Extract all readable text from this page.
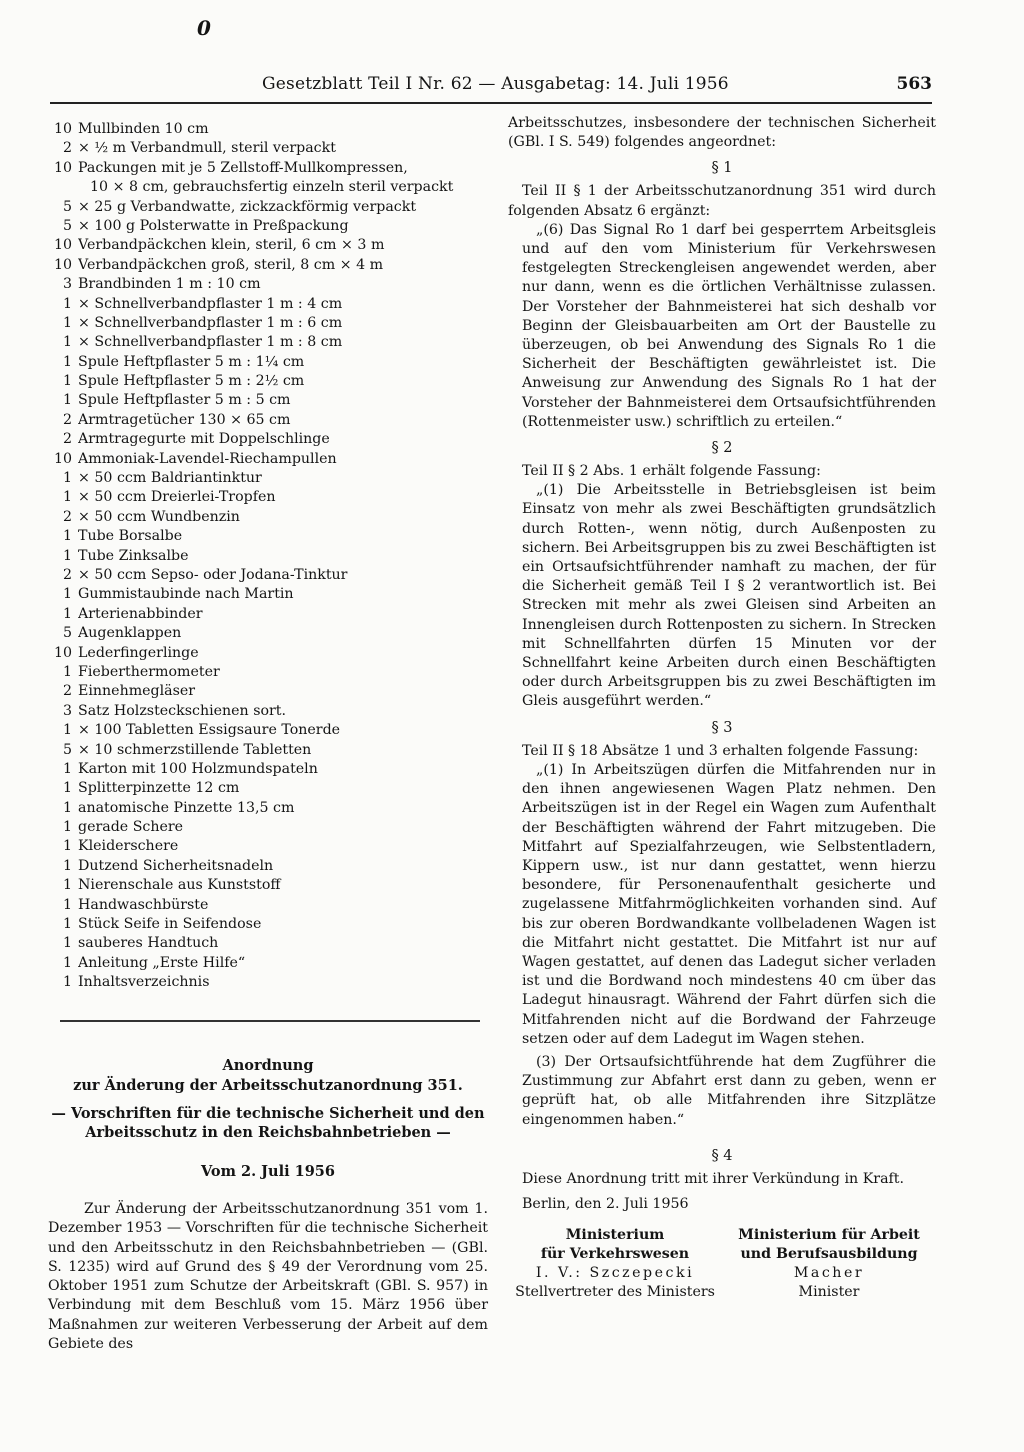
0
Gesetzblatt Teil I Nr. 62 — Ausgabetag: 14. Juli 1956	563
10 Mullbinden 10 cm
2 × ½ m Verbandmull, steril verpackt
10 Packungen mit je 5 Zellstoff-Mullkompressen,
10 × 8 cm, gebrauchsfertig einzeln steril verpackt
5 × 25 g Verbandwatte, zickzackförmig verpackt
5 × 100 g Polsterwatte in Preßpackung
10 Verbandpäckchen klein, steril, 6 cm × 3 m
10 Verbandpäckchen groß, steril, 8 cm × 4 m
3 Brandbinden 1 m : 10 cm
1 × Schnellverbandpflaster 1 m : 4 cm
1 × Schnellverbandpflaster 1 m : 6 cm
1 × Schnellverbandpflaster 1 m : 8 cm
1 Spule Heftpflaster 5 m : 1¼ cm
1 Spule Heftpflaster 5 m : 2½ cm
1 Spule Heftpflaster 5 m : 5 cm
2 Armtragetücher 130 × 65 cm
2 Armtragegurte mit Doppelschlinge
10 Ammoniak-Lavendel-Riechampullen
1 × 50 ccm Baldriantinktur
1 × 50 ccm Dreierlei-Tropfen
2 × 50 ccm Wundbenzin
1 Tube Borsalbe
1 Tube Zinksalbe
2 × 50 ccm Sepso- oder Jodana-Tinktur
1 Gummistaubinde nach Martin
1 Arterienabbinder
5 Augenklappen
10 Lederfingerlinge
1 Fieberthermometer
2 Einnehmegläser
3 Satz Holzsteckschienen sort.
1 × 100 Tabletten Essigsaure Tonerde
5 × 10 schmerzstillende Tabletten
1 Karton mit 100 Holzmundspateln
1 Splitterpinzette 12 cm
1 anatomische Pinzette 13,5 cm
1 gerade Schere
1 Kleiderschere
1 Dutzend Sicherheitsnadeln
1 Nierenschale aus Kunststoff
1 Handwaschbürste
1 Stück Seife in Seifendose
1 sauberes Handtuch
1 Anleitung „Erste Hilfe“
1 Inhaltsverzeichnis
Anordnung
zur Änderung der Arbeitsschutzanordnung 351.
— Vorschriften für die technische Sicherheit und den Arbeitsschutz in den Reichsbahnbetrieben —
Vom 2. Juli 1956
Zur Änderung der Arbeitsschutzanordnung 351 vom 1. Dezember 1953 — Vorschriften für die technische Sicherheit und den Arbeitsschutz in den Reichsbahnbetrieben — (GBl. S. 1235) wird auf Grund des § 49 der Verordnung vom 25. Oktober 1951 zum Schutze der Arbeitskraft (GBl. S. 957) in Verbindung mit dem Beschluß vom 15. März 1956 über Maßnahmen zur weiteren Verbesserung der Arbeit auf dem Gebiete des

Arbeitsschutzes, insbesondere der technischen Sicherheit (GBl. I S. 549) folgendes angeordnet:

§ 1

Teil II § 1 der Arbeitsschutzanordnung 351 wird durch folgenden Absatz 6 ergänzt:

„(6) Das Signal Ro 1 darf bei gesperrtem Arbeitsgleis und auf den vom Ministerium für Verkehrswesen festgelegten Streckengleisen angewendet werden, aber nur dann, wenn es die örtlichen Verhältnisse zulassen. Der Vorsteher der Bahnmeisterei hat sich deshalb vor Beginn der Gleisbauarbeiten am Ort der Baustelle zu überzeugen, ob bei Anwendung des Signals Ro 1 die Sicherheit der Beschäftigten gewährleistet ist. Die Anweisung zur Anwendung des Signals Ro 1 hat der Vorsteher der Bahnmeisterei dem Ortsaufsichtführenden (Rottenmeister usw.) schriftlich zu erteilen.“

§ 2

Teil II § 2 Abs. 1 erhält folgende Fassung:

„(1) Die Arbeitsstelle in Betriebsgleisen ist beim Einsatz von mehr als zwei Beschäftigten grundsätzlich durch Rotten-, wenn nötig, durch Außenposten zu sichern. Bei Arbeitsgruppen bis zu zwei Beschäftigten ist ein Ortsaufsichtführender namhaft zu machen, der für die Sicherheit gemäß Teil I § 2 verantwortlich ist. Bei Strecken mit mehr als zwei Gleisen sind Arbeiten an Innengleisen durch Rottenposten zu sichern. In Strecken mit Schnellfahrten dürfen 15 Minuten vor der Schnellfahrt keine Arbeiten durch einen Beschäftigten oder durch Arbeitsgruppen bis zu zwei Beschäftigten im Gleis ausgeführt werden.“

§ 3

Teil II § 18 Absätze 1 und 3 erhalten folgende Fassung:

„(1) In Arbeitszügen dürfen die Mitfahrenden nur in den ihnen angewiesenen Wagen Platz nehmen. Den Arbeitszügen ist in der Regel ein Wagen zum Aufenthalt der Beschäftigten während der Fahrt mitzugeben. Die Mitfahrt auf Spezialfahrzeugen, wie Selbstentladern, Kippern usw., ist nur dann gestattet, wenn hierzu besondere, für Personenaufenthalt gesicherte und zugelassene Mitfahrmöglichkeiten vorhanden sind. Auf bis zur oberen Bordwandkante vollbeladenen Wagen ist die Mitfahrt nicht gestattet. Die Mitfahrt ist nur auf Wagen gestattet, auf denen das Ladegut sicher verladen ist und die Bordwand noch mindestens 40 cm über das Ladegut hinausragt. Während der Fahrt dürfen sich die Mitfahrenden nicht auf die Bordwand der Fahrzeuge setzen oder auf dem Ladegut im Wagen stehen.

(3) Der Ortsaufsichtführende hat dem Zugführer die Zustimmung zur Abfahrt erst dann zu geben, wenn er geprüft hat, ob alle Mitfahrenden ihre Sitzplätze eingenommen haben.“

§ 4

Diese Anordnung tritt mit ihrer Verkündung in Kraft.

Berlin, den 2. Juli 1956

Ministerium
für Verkehrswesen
I. V.: Szczepecki
Stellvertreter des Ministers
Ministerium für Arbeit
und Berufsausbildung
Macher
Minister
